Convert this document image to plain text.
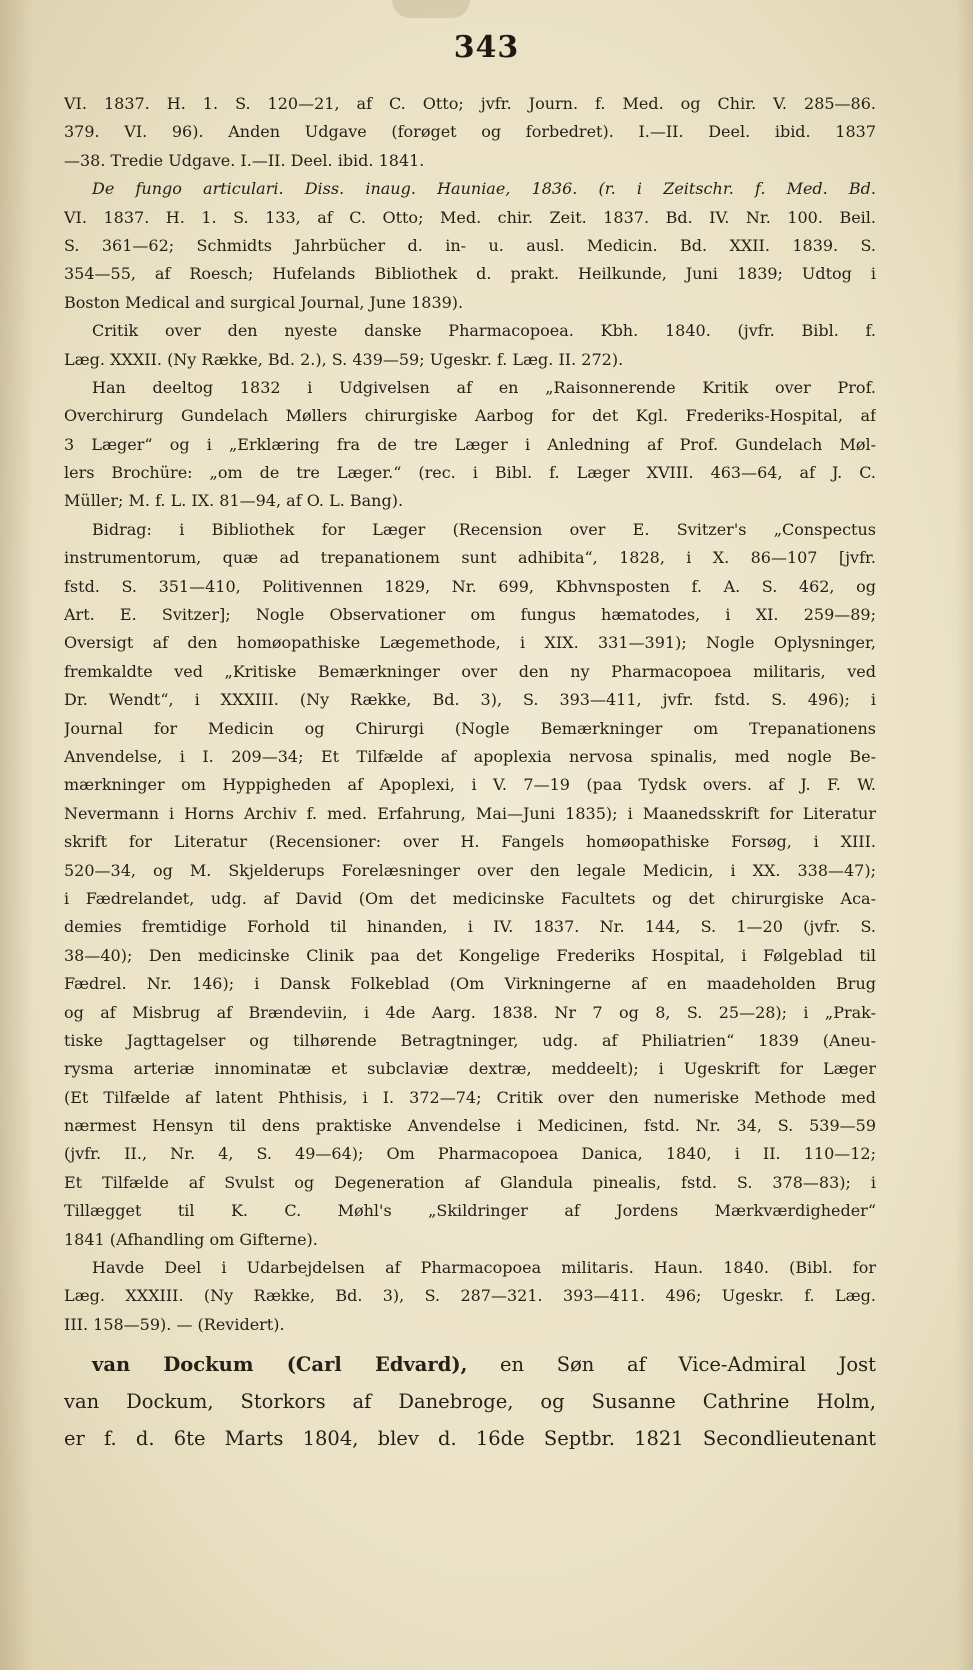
343
VI. 1837. H. 1. S. 120—21, af C. Otto; jvfr. Journ. f. Med. og Chir. V. 285—86.
379. VI. 96). Anden Udgave (forøget og forbedret). I.—II. Deel. ibid. 1837
—38. Tredie Udgave. I.—II. Deel. ibid. 1841.
De fungo articulari. Diss. inaug. Hauniae, 1836. (r. i Zeitschr. f. Med. Bd.
VI. 1837. H. 1. S. 133, af C. Otto; Med. chir. Zeit. 1837. Bd. IV. Nr. 100. Beil.
S. 361—62; Schmidts Jahrbücher d. in- u. ausl. Medicin. Bd. XXII. 1839. S.
354—55, af Roesch; Hufelands Bibliothek d. prakt. Heilkunde, Juni 1839; Udtog i
Boston Medical and surgical Journal, June 1839).
Critik over den nyeste danske Pharmacopoea. Kbh. 1840. (jvfr. Bibl. f.
Læg. XXXII. (Ny Række, Bd. 2.), S. 439—59; Ugeskr. f. Læg. II. 272).
Han deeltog 1832 i Udgivelsen af en „Raisonnerende Kritik over Prof.
Overchirurg Gundelach Møllers chirurgiske Aarbog for det Kgl. Frederiks-Hospital, af
3 Læger“ og i „Erklæring fra de tre Læger i Anledning af Prof. Gundelach Møl-
lers Brochüre: „om de tre Læger.“ (rec. i Bibl. f. Læger XVIII. 463—64, af J. C.
Müller; M. f. L. IX. 81—94, af O. L. Bang).
Bidrag: i Bibliothek for Læger (Recension over E. Svitzer's „Conspectus
instrumentorum, quæ ad trepanationem sunt adhibita“, 1828, i X. 86—107 [jvfr.
fstd. S. 351—410, Politivennen 1829, Nr. 699, Kbhvnsposten f. A. S. 462, og
Art. E. Svitzer]; Nogle Observationer om fungus hæmatodes, i XI. 259—89;
Oversigt af den homøopathiske Lægemethode, i XIX. 331—391); Nogle Oplysninger,
fremkaldte ved „Kritiske Bemærkninger over den ny Pharmacopoea militaris, ved
Dr. Wendt“, i XXXIII. (Ny Række, Bd. 3), S. 393—411, jvfr. fstd. S. 496); i
Journal for Medicin og Chirurgi (Nogle Bemærkninger om Trepanationens
Anvendelse, i I. 209—34; Et Tilfælde af apoplexia nervosa spinalis, med nogle Be-
mærkninger om Hyppigheden af Apoplexi, i V. 7—19 (paa Tydsk overs. af J. F. W.
Nevermann i Horns Archiv f. med. Erfahrung, Mai—Juni 1835); i Maanedsskrift for Literatur
skrift for Literatur (Recensioner: over H. Fangels homøopathiske Forsøg, i XIII.
520—34, og M. Skjelderups Forelæsninger over den legale Medicin, i XX. 338—47);
i Fædrelandet, udg. af David (Om det medicinske Facultets og det chirurgiske Aca-
demies fremtidige Forhold til hinanden, i IV. 1837. Nr. 144, S. 1—20 (jvfr. S.
38—40); Den medicinske Clinik paa det Kongelige Frederiks Hospital, i Følgeblad til
Fædrel. Nr. 146); i Dansk Folkeblad (Om Virkningerne af en maadeholden Brug
og af Misbrug af Brændeviin, i 4de Aarg. 1838. Nr 7 og 8, S. 25—28); i „Prak-
tiske Jagttagelser og tilhørende Betragtninger, udg. af Philiatrien“ 1839 (Aneu-
rysma arteriæ innominatæ et subclaviæ dextræ, meddeelt); i Ugeskrift for Læger
(Et Tilfælde af latent Phthisis, i I. 372—74; Critik over den numeriske Methode med
nærmest Hensyn til dens praktiske Anvendelse i Medicinen, fstd. Nr. 34, S. 539—59
(jvfr. II., Nr. 4, S. 49—64); Om Pharmacopoea Danica, 1840, i II. 110—12;
Et Tilfælde af Svulst og Degeneration af Glandula pinealis, fstd. S. 378—83); i
Tillægget til K. C. Møhl's „Skildringer af Jordens Mærkværdigheder“
1841 (Afhandling om Gifterne).
Havde Deel i Udarbejdelsen af Pharmacopoea militaris. Haun. 1840. (Bibl. for
Læg. XXXIII. (Ny Række, Bd. 3), S. 287—321. 393—411. 496; Ugeskr. f. Læg.
III. 158—59). — (Revidert).
van Dockum (Carl Edvard), en Søn af Vice-Admiral Jost
van Dockum, Storkors af Danebroge, og Susanne Cathrine Holm,
er f. d. 6te Marts 1804, blev d. 16de Septbr. 1821 Secondlieutenant
